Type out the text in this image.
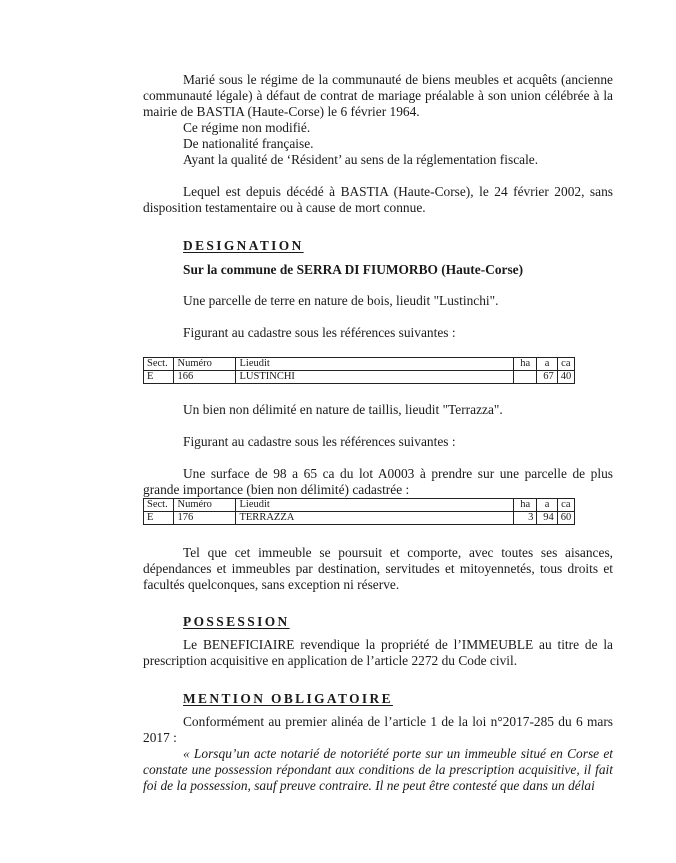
Marié sous le régime de la communauté de biens meubles et acquêts (ancienne communauté légale) à défaut de contrat de mariage préalable à son union célébrée à la mairie de BASTIA (Haute-Corse) le 6 février 1964.

Ce régime non modifié.
De nationalité française.
Ayant la qualité de ‘Résident’ au sens de la réglementation fiscale.

Lequel est depuis décédé à BASTIA (Haute-Corse), le 24 février 2002, sans disposition testamentaire ou à cause de mort connue.

DESIGNATION
Sur la commune de SERRA DI FIUMORBO (Haute-Corse)
Une parcelle de terre en nature de bois, lieudit "Lustinchi".
Figurant au cadastre sous les références suivantes :
Sect.	Numéro	Lieudit	ha	a	ca
E	166	LUSTINCHI		67	40
Un bien non délimité en nature de taillis, lieudit "Terrazza".
Figurant au cadastre sous les références suivantes :

Une surface de 98 a 65 ca du lot A0003 à prendre sur une parcelle de plus grande importance (bien non délimité) cadastrée :

Sect.	Numéro	Lieudit	ha	a	ca
E	176	TERRAZZA	3	94	60

Tel que cet immeuble se poursuit et comporte, avec toutes ses aisances, dépendances et immeubles par destination, servitudes et mitoyennetés, tous droits et facultés quelconques, sans exception ni réserve.

POSSESSION

Le BENEFICIAIRE revendique la propriété de l’IMMEUBLE au titre de la prescription acquisitive en application de l’article 2272 du Code civil.

MENTION OBLIGATOIRE

Conformément au premier alinéa de l’article 1 de la loi n°2017-285 du 6 mars 2017 :

« Lorsqu’un acte notarié de notoriété porte sur un immeuble situé en Corse et constate une possession répondant aux conditions de la prescription acquisitive, il fait foi de la possession, sauf preuve contraire. Il ne peut être contesté que dans un délai
